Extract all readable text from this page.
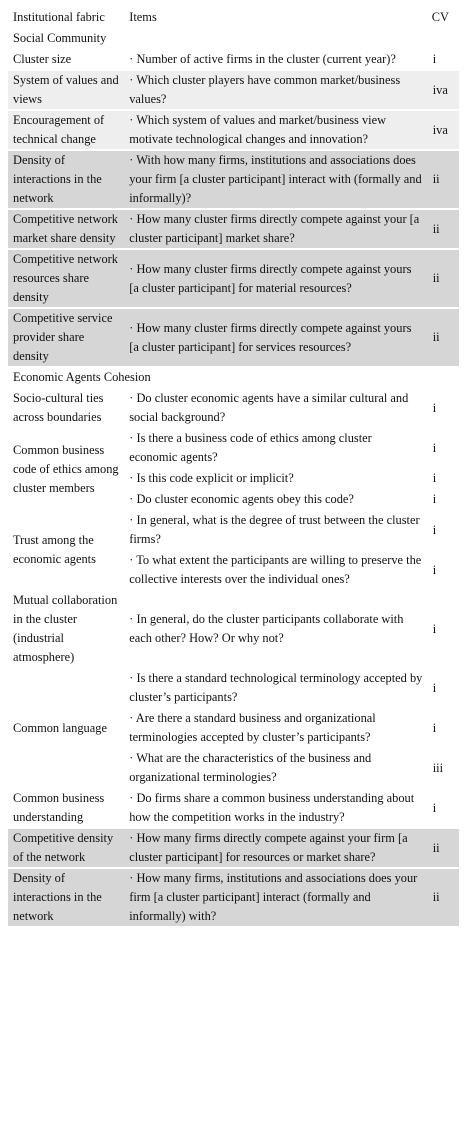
Institutional fabric	Items	CV
Social Community		
Cluster size	· Number of active firms in the cluster (current year)?	i
System of values and views	· Which cluster players have common market/business values?	iva
Encouragement of technical change	· Which system of values and market/business view motivate technological changes and innovation?	iva
Density of interactions in the network	· With how many firms, institutions and associations does your firm [a cluster participant] interact with (formally and informally)?	ii
Competitive network market share density	· How many cluster firms directly compete against your [a cluster participant] market share?	ii
Competitive network resources share density	· How many cluster firms directly compete against yours [a cluster participant] for material resources?	ii
Competitive service provider share density	· How many cluster firms directly compete against yours [a cluster participant] for services resources?	ii
Economic Agents Cohesion		
Socio-cultural ties across boundaries	· Do cluster economic agents have a similar cultural and social background?	i
Common business code of ethics among cluster members	· Is there a business code of ethics among cluster economic agents?	i
	· Is this code explicit or implicit?	i
	· Do cluster economic agents obey this code?	i
Trust among the economic agents	· In general, what is the degree of trust between the cluster firms?	i
	· To what extent the participants are willing to preserve the collective interests over the individual ones?	i
Mutual collaboration in the cluster (industrial atmosphere)	· In general, do the cluster participants collaborate with each other? How? Or why not?	i
Common language	· Is there a standard technological terminology accepted by cluster’s participants?	i
	· Are there a standard business and organizational terminologies accepted by cluster’s participants?	i
	· What are the characteristics of the business and organizational terminologies?	iii
Common business understanding	· Do firms share a common business understanding about how the competition works in the industry?	i
Competitive density of the network	· How many firms directly compete against your firm [a cluster participant] for resources or market share?	ii
Density of interactions in the network	· How many firms, institutions and associations does your firm [a cluster participant] interact (formally and informally) with?	ii
